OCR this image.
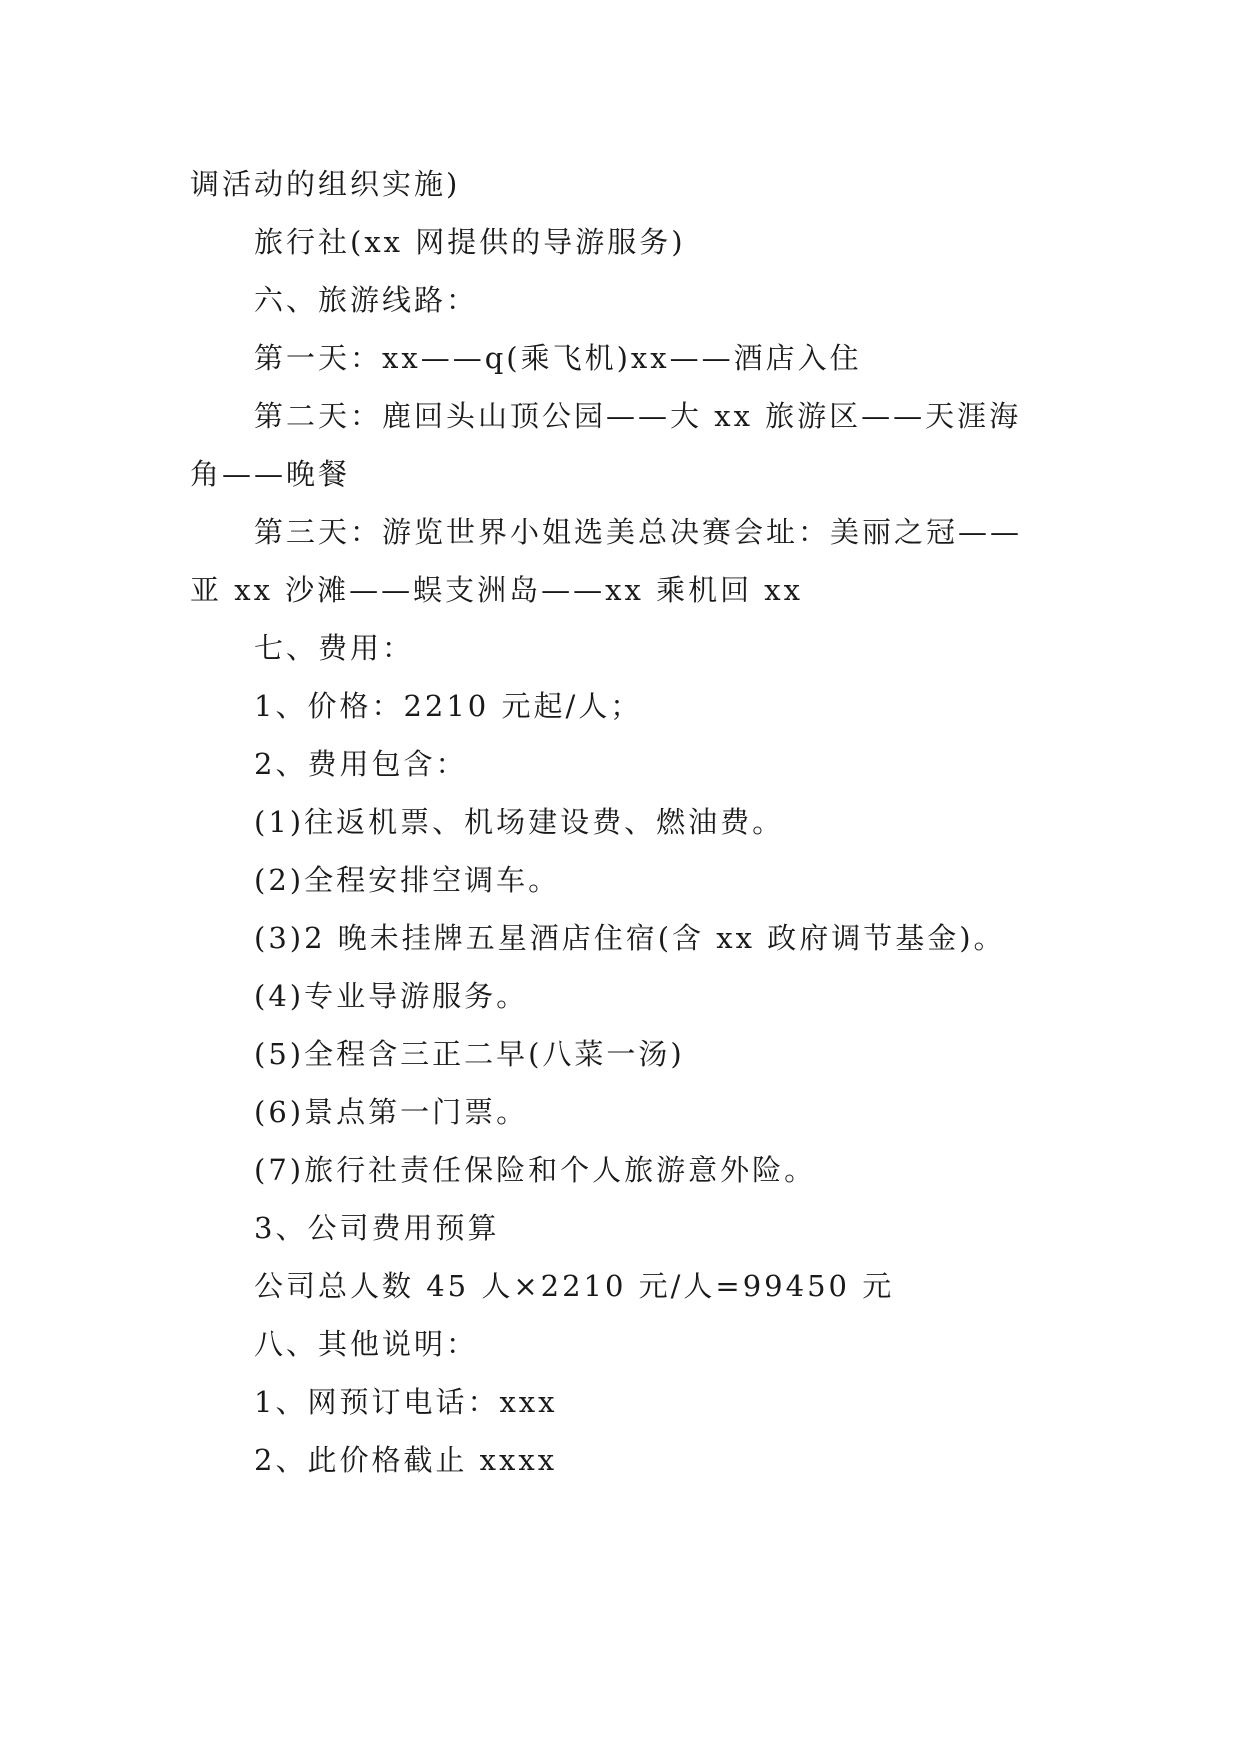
调活动的组织实施)

旅行社(xx 网提供的导游服务)

六、旅游线路：

第一天：xx——q(乘飞机)xx——酒店入住

第二天：鹿回头山顶公园——大 xx 旅游区——天涯海角——晚餐

第三天：游览世界小姐选美总决赛会址：美丽之冠——亚 xx 沙滩——蜈支洲岛——xx 乘机回 xx

七、费用：

1、价格：2210 元起/人；

2、费用包含：

(1)往返机票、机场建设费、燃油费。

(2)全程安排空调车。

(3)2 晚未挂牌五星酒店住宿(含 xx 政府调节基金)。

(4)专业导游服务。

(5)全程含三正二早(八菜一汤)

(6)景点第一门票。

(7)旅行社责任保险和个人旅游意外险。

3、公司费用预算

公司总人数 45 人×2210 元/人=99450 元

八、其他说明：

1、网预订电话：xxx

2、此价格截止 xxxx
